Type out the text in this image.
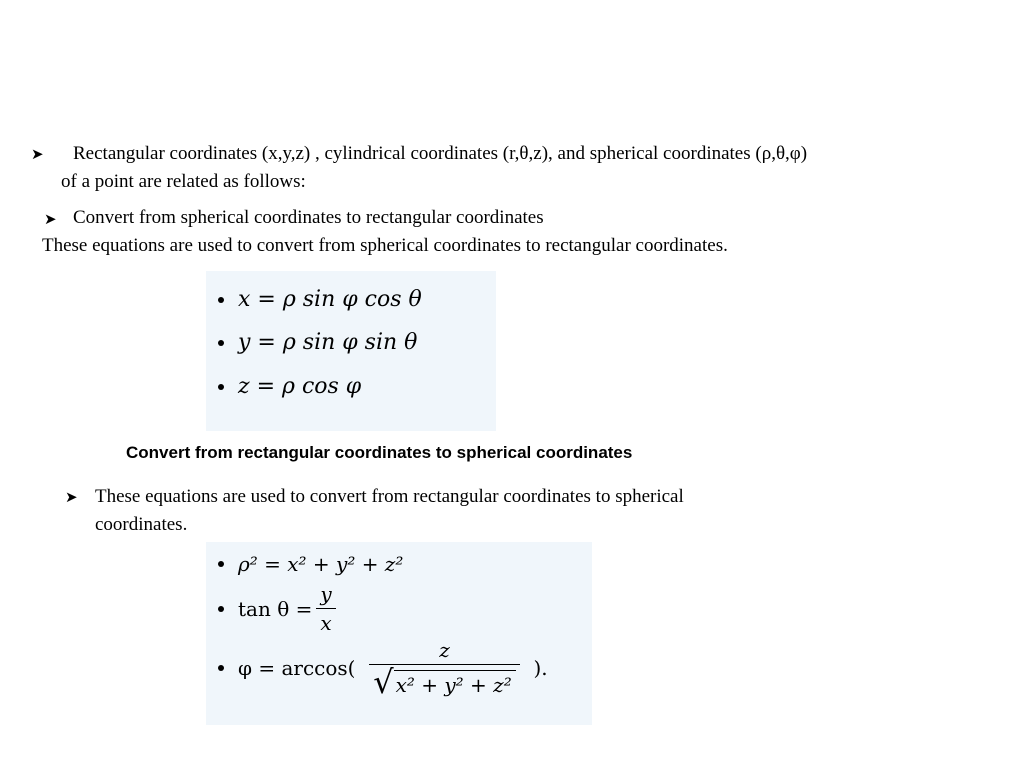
➤ Rectangular coordinates (x,y,z) , cylindrical coordinates (r,θ,z), and spherical coordinates (ρ,θ,φ)
of a point are related as follows:
➤ Convert from spherical coordinates to rectangular coordinates
These equations are used to convert from spherical coordinates to rectangular coordinates.
x = ρ sin φ cos θ
y = ρ sin φ sin θ
z = ρ cos φ
Convert from rectangular coordinates to spherical coordinates
➤ These equations are used to convert from rectangular coordinates to spherical
coordinates.
ρ² = x² + y² + z²
$\tan \theta = \frac{y}{x}$
$\varphi = \arccos( \frac{z}{\text{√ x² + y² + z²}}$ ).
